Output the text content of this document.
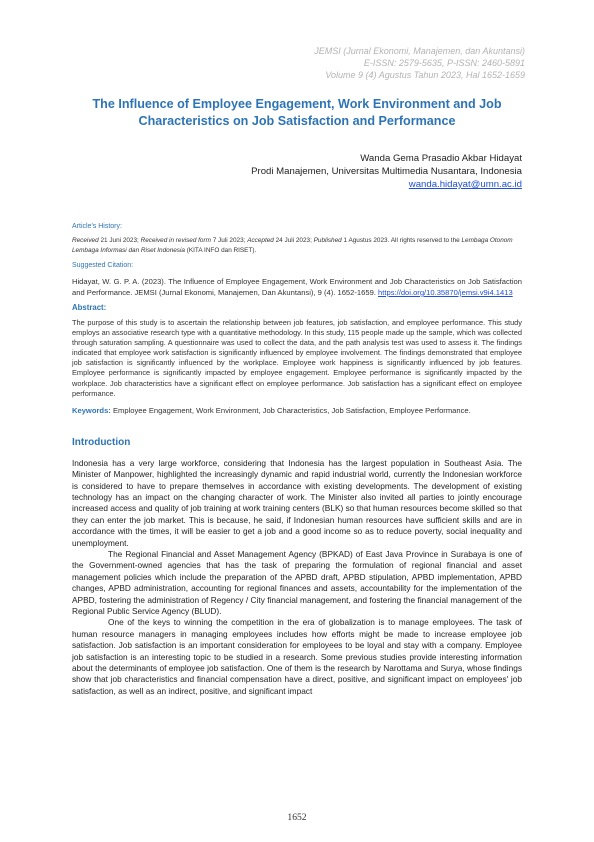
JEMSI (Jurnal Ekonomi, Manajemen, dan Akuntansi)
E-ISSN: 2579-5635, P-ISSN: 2460-5891
Volume 9 (4) Agustus Tahun 2023, Hal 1652-1659
The Influence of Employee Engagement, Work Environment and Job
Characteristics on Job Satisfaction and Performance
Wanda Gema Prasadio Akbar Hidayat
Prodi Manajemen, Universitas Multimedia Nusantara, Indonesia
wanda.hidayat@umn.ac.id

Article's History:

Received 21 Juni 2023; Received in revised form 7 Juli 2023; Accepted 24 Juli 2023; Published 1 Agustus 2023. All rights reserved to the Lembaga Otonom Lembaga Informasi dan Riset Indonesia (KITA INFO dan RISET).

Suggested Citation:

Hidayat, W. G. P. A. (2023). The Influence of Employee Engagement, Work Environment and Job Characteristics on Job Satisfaction and Performance. JEMSI (Jurnal Ekonomi, Manajemen, Dan Akuntansi), 9 (4). 1652-1659. https://doi.org/10.35870/jemsi.v9i4.1413

Abstract:

The purpose of this study is to ascertain the relationship between job features, job satisfaction, and employee performance. This study employs an associative research type with a quantitative methodology. In this study, 115 people made up the sample, which was collected through saturation sampling. A questionnaire was used to collect the data, and the path analysis test was used to assess it. The findings indicated that employee work satisfaction is significantly influenced by employee involvement. The findings demonstrated that employee job satisfaction is significantly influenced by the workplace. Employee work happiness is significantly influenced by job features. Employee performance is significantly impacted by employee engagement. Employee performance is significantly impacted by the workplace. Job characteristics have a significant effect on employee performance. Job satisfaction has a significant effect on employee performance.

Keywords: Employee Engagement, Work Environment, Job Characteristics, Job Satisfaction, Employee Performance.

Introduction

Indonesia has a very large workforce, considering that Indonesia has the largest population in Southeast Asia. The Minister of Manpower, highlighted the increasingly dynamic and rapid industrial world, currently the Indonesian workforce is considered to have to prepare themselves in accordance with existing developments. The development of existing technology has an impact on the changing character of work. The Minister also invited all parties to jointly encourage increased access and quality of job training at work training centers (BLK) so that human resources become skilled so that they can enter the job market. This is because, he said, if Indonesian human resources have sufficient skills and are in accordance with the times, it will be easier to get a job and a good income so as to reduce poverty, social inequality and unemployment.

The Regional Financial and Asset Management Agency (BPKAD) of East Java Province in Surabaya is one of the Government-owned agencies that has the task of preparing the formulation of regional financial and asset management policies which include the preparation of the APBD draft, APBD stipulation, APBD implementation, APBD changes, APBD administration, accounting for regional finances and assets, accountability for the implementation of the APBD, fostering the administration of Regency / City financial management, and fostering the financial management of the Regional Public Service Agency (BLUD).

One of the keys to winning the competition in the era of globalization is to manage employees. The task of human resource managers in managing employees includes how efforts might be made to increase employee job satisfaction. Job satisfaction is an important consideration for employees to be loyal and stay with a company. Employee job satisfaction is an interesting topic to be studied in a research. Some previous studies provide interesting information about the determinants of employee job satisfaction. One of them is the research by Narottama and Surya, whose findings show that job characteristics and financial compensation have a direct, positive, and significant impact on employees' job satisfaction, as well as an indirect, positive, and significant impact

1652
